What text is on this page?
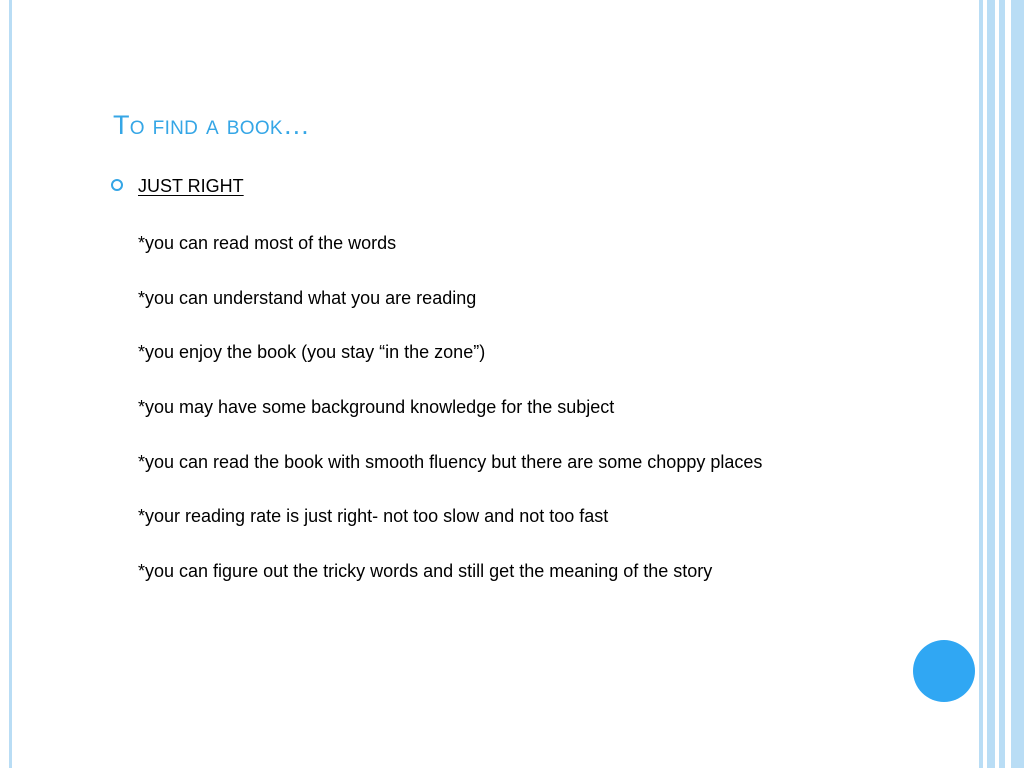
To find a book…
JUST RIGHT
*you can read most of the words
*you can understand what you are reading
*you enjoy the book (you stay “in the zone”)
*you may have some background knowledge for the subject
*you can read the book with smooth fluency but there are some choppy places
*your reading rate is just right- not too slow and not too fast
*you can figure out the tricky words and still get the meaning of the story
